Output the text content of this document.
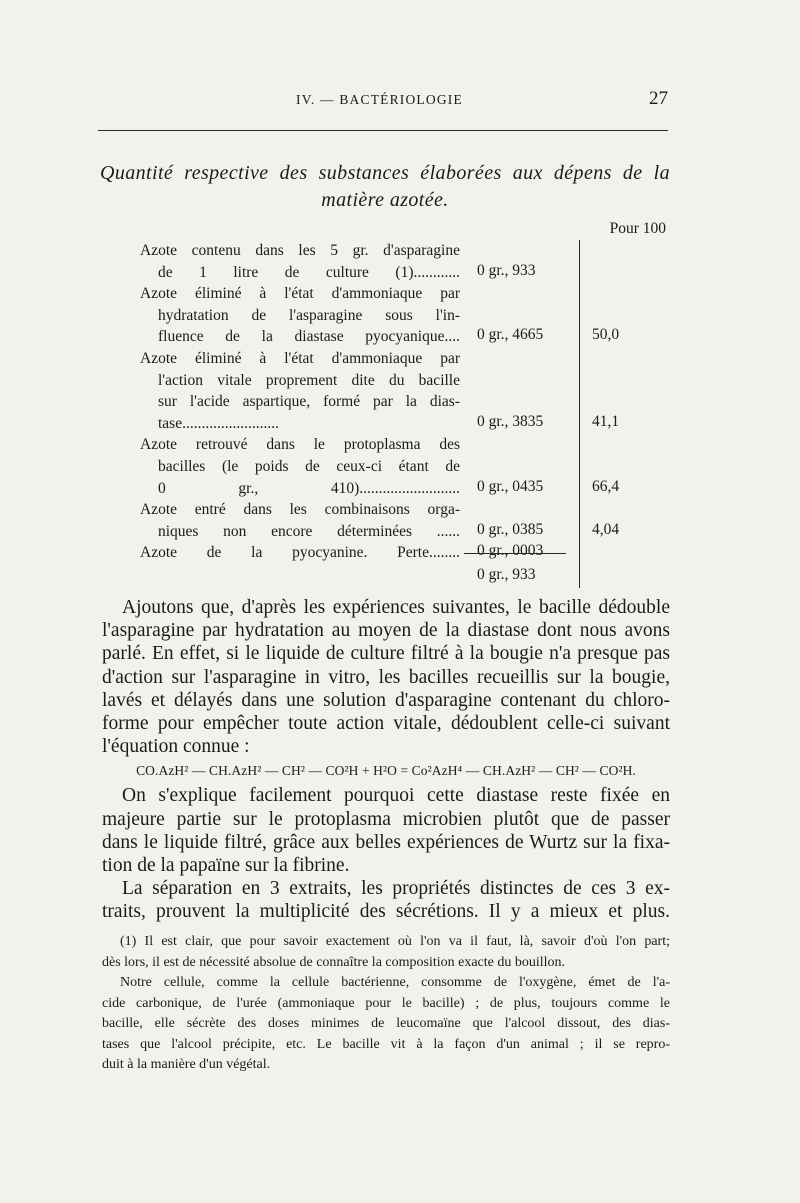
IV. — BACTÉRIOLOGIE	27
Quantité respective des substances élaborées aux dépens de la
matière azotée.
Pour 100
Azote contenu dans les 5 gr. d'asparagine
de 1 litre de culture (1)............ 0 gr., 933
Azote éliminé à l'état d'ammoniaque par
hydratation de l'asparagine sous l'in-
fluence de la diastase pyocyanique.... 0 gr., 4665	50,0
Azote éliminé à l'état d'ammoniaque par
l'action vitale proprement dite du bacille
sur l'acide aspartique, formé par la dias-
tase.........................	0 gr., 3835	41,1
Azote retrouvé dans le protoplasma des
bacilles (le poids de ceux-ci étant de
0 gr., 410).......................... 0 gr., 0435	66,4
Azote entré dans les combinaisons orga-
niques non encore déterminées ...... 0 gr., 0385	4,04
Azote de la pyocyanine. Perte........ 0 gr., 0003
0 gr., 933
Ajoutons que, d'après les expériences suivantes, le bacille dédouble
l'asparagine par hydratation au moyen de la diastase dont nous avons
parlé. En effet, si le liquide de culture filtré à la bougie n'a presque pas
d'action sur l'asparagine in vitro, les bacilles recueillis sur la bougie,
lavés et délayés dans une solution d'asparagine contenant du chloro-
forme pour empêcher toute action vitale, dédoublent celle-ci suivant
l'équation connue :
CO.AzH² — CH.AzH² — CH² — CO²H + H²O = Co²AzH⁴ — CH.AzH² — CH² — CO²H.
On s'explique facilement pourquoi cette diastase reste fixée en
majeure partie sur le protoplasma microbien plutôt que de passer
dans le liquide filtré, grâce aux belles expériences de Wurtz sur la fixa-
tion de la papaïne sur la fibrine.
La séparation en 3 extraits, les propriétés distinctes de ces 3 ex-
traits, prouvent la multiplicité des sécrétions. Il y a mieux et plus.
(1) Il est clair, que pour savoir exactement où l'on va il faut, là, savoir d'où l'on part;
dès lors, il est de nécessité absolue de connaître la composition exacte du bouillon.
Notre cellule, comme la cellule bactérienne, consomme de l'oxygène, émet de l'a-
cide carbonique, de l'urée (ammoniaque pour le bacille) ; de plus, toujours comme le
bacille, elle sécrète des doses minimes de leucomaïne que l'alcool dissout, des dias-
tases que l'alcool précipite, etc. Le bacille vit à la façon d'un animal ; il se repro-
duit à la manière d'un végétal.
